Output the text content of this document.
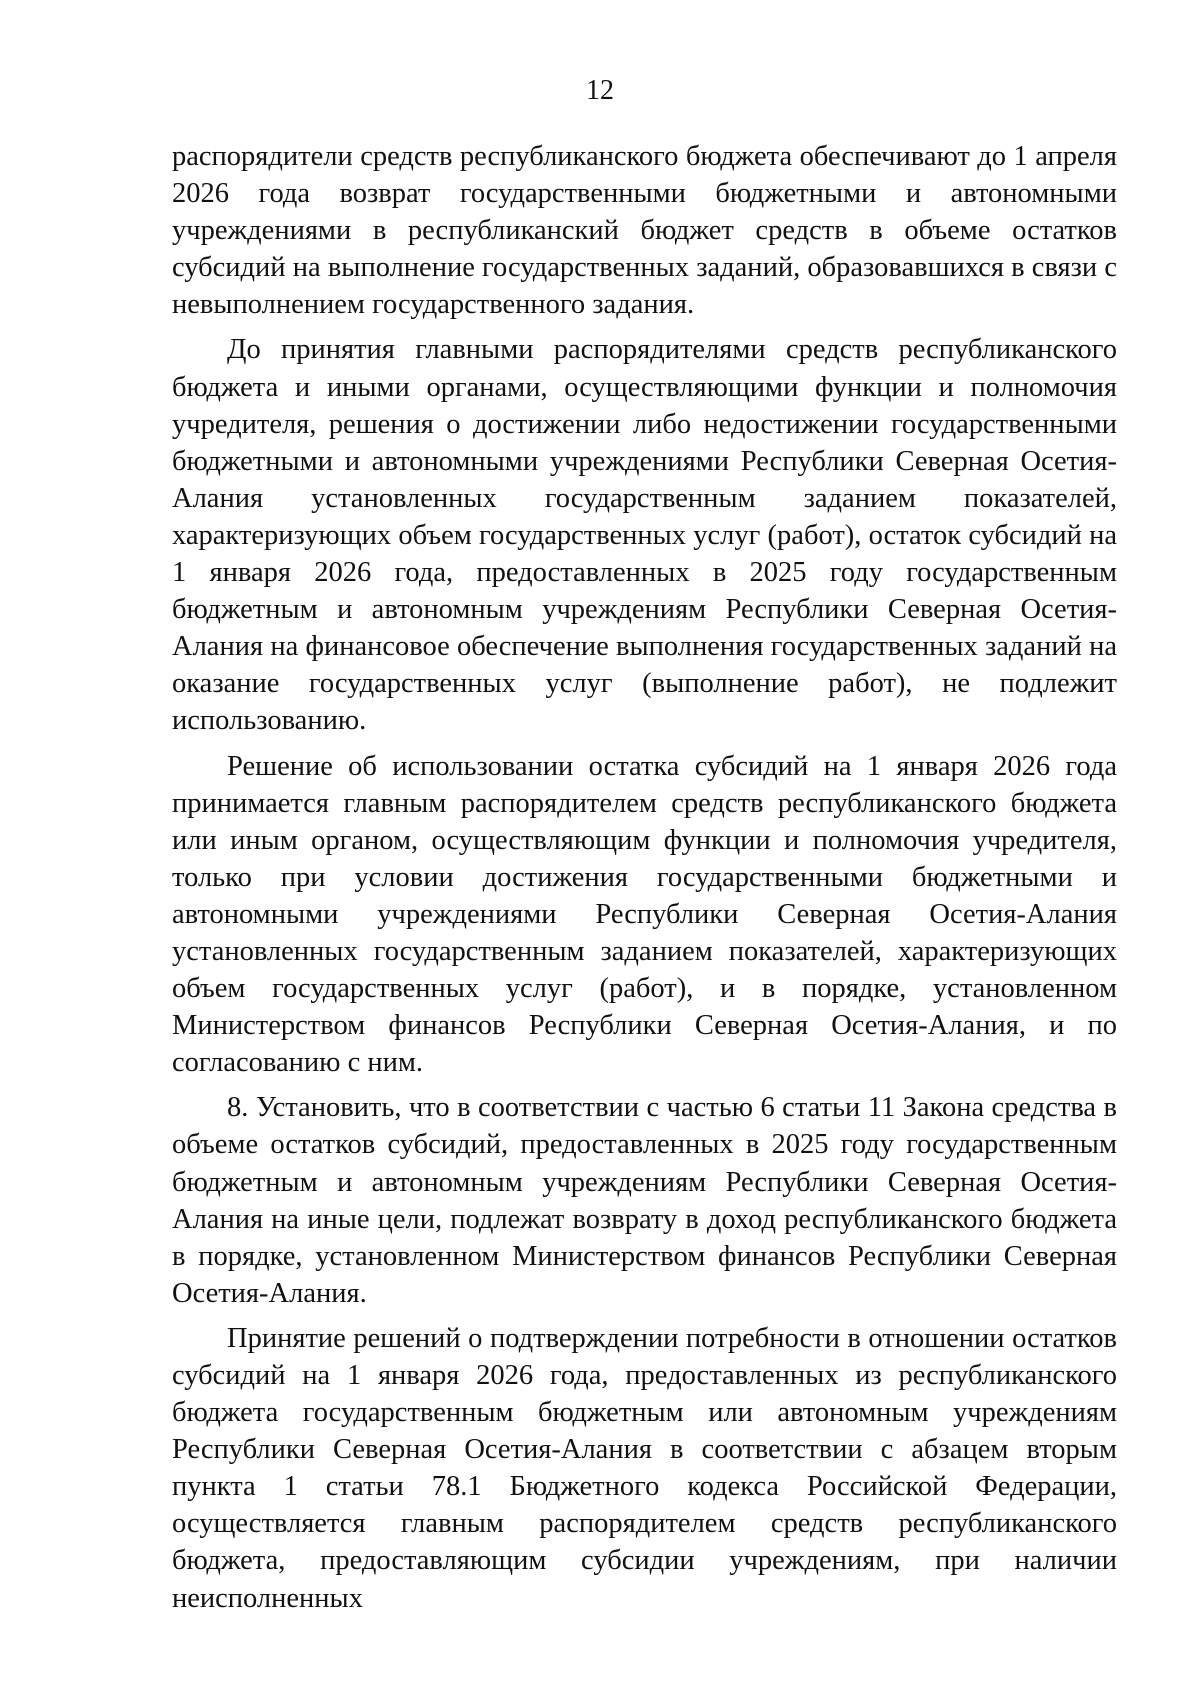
12

распорядители средств республиканского бюджета обеспечивают до 1 апреля 2026 года возврат государственными бюджетными и автономными учреждениями в республиканский бюджет средств в объеме остатков субсидий на выполнение государственных заданий, образовавшихся в связи с невыполнением государственного задания.

До принятия главными распорядителями средств республиканского бюджета и иными органами, осуществляющими функции и полномочия учредителя, решения о достижении либо недостижении государственными бюджетными и автономными учреждениями Республики Северная Осетия-Алания установленных государственным заданием показателей, характеризующих объем государственных услуг (работ), остаток субсидий на 1 января 2026 года, предоставленных в 2025 году государственным бюджетным и автономным учреждениям Республики Северная Осетия-Алания на финансовое обеспечение выполнения государственных заданий на оказание государственных услуг (выполнение работ), не подлежит использованию.

Решение об использовании остатка субсидий на 1 января 2026 года принимается главным распорядителем средств республиканского бюджета или иным органом, осуществляющим функции и полномочия учредителя, только при условии достижения государственными бюджетными и автономными учреждениями Республики Северная Осетия-Алания установленных государственным заданием показателей, характеризующих объем государственных услуг (работ), и в порядке, установленном Министерством финансов Республики Северная Осетия-Алания, и по согласованию с ним.

8. Установить, что в соответствии с частью 6 статьи 11 Закона средства в объеме остатков субсидий, предоставленных в 2025 году государственным бюджетным и автономным учреждениям Республики Северная Осетия-Алания на иные цели, подлежат возврату в доход республиканского бюджета в порядке, установленном Министерством финансов Республики Северная Осетия-Алания.

Принятие решений о подтверждении потребности в отношении остатков субсидий на 1 января 2026 года, предоставленных из республиканского бюджета государственным бюджетным или автономным учреждениям Республики Северная Осетия-Алания в соответствии с абзацем вторым пункта 1 статьи 78.1 Бюджетного кодекса Российской Федерации, осуществляется главным распорядителем средств республиканского бюджета, предоставляющим субсидии учреждениям, при наличии неисполненных
